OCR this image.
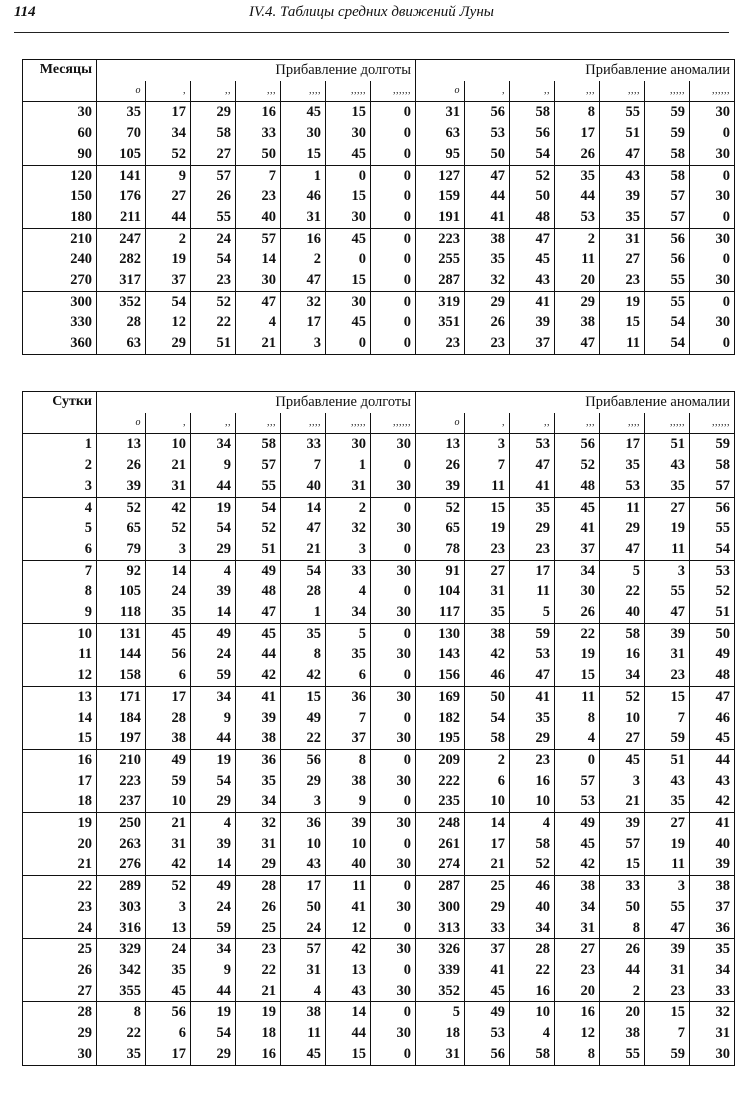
114	IV.4. Таблицы средних движений Луны
Месяцы	Прибавление долготы							Прибавление аномалии						
	o	,	,,	,,,	,,,,	,,,,,	,,,,,,	o	,	,,	,,,	,,,,	,,,,,	,,,,,,
30	35	17	29	16	45	15	0	31	56	58	8	55	59	30
60	70	34	58	33	30	30	0	63	53	56	17	51	59	0
90	105	52	27	50	15	45	0	95	50	54	26	47	58	30
120	141	9	57	7	1	0	0	127	47	52	35	43	58	0
150	176	27	26	23	46	15	0	159	44	50	44	39	57	30
180	211	44	55	40	31	30	0	191	41	48	53	35	57	0
210	247	2	24	57	16	45	0	223	38	47	2	31	56	30
240	282	19	54	14	2	0	0	255	35	45	11	27	56	0
270	317	37	23	30	47	15	0	287	32	43	20	23	55	30
300	352	54	52	47	32	30	0	319	29	41	29	19	55	0
330	28	12	22	4	17	45	0	351	26	39	38	15	54	30
360	63	29	51	21	3	0	0	23	23	37	47	11	54	0
Сутки	Прибавление долготы							Прибавление аномалии						
	o	,	,,	,,,	,,,,	,,,,,	,,,,,,	o	,	,,	,,,	,,,,	,,,,,	,,,,,,
1	13	10	34	58	33	30	30	13	3	53	56	17	51	59
2	26	21	9	57	7	1	0	26	7	47	52	35	43	58
3	39	31	44	55	40	31	30	39	11	41	48	53	35	57
4	52	42	19	54	14	2	0	52	15	35	45	11	27	56
5	65	52	54	52	47	32	30	65	19	29	41	29	19	55
6	79	3	29	51	21	3	0	78	23	23	37	47	11	54
7	92	14	4	49	54	33	30	91	27	17	34	5	3	53
8	105	24	39	48	28	4	0	104	31	11	30	22	55	52
9	118	35	14	47	1	34	30	117	35	5	26	40	47	51
10	131	45	49	45	35	5	0	130	38	59	22	58	39	50
11	144	56	24	44	8	35	30	143	42	53	19	16	31	49
12	158	6	59	42	42	6	0	156	46	47	15	34	23	48
13	171	17	34	41	15	36	30	169	50	41	11	52	15	47
14	184	28	9	39	49	7	0	182	54	35	8	10	7	46
15	197	38	44	38	22	37	30	195	58	29	4	27	59	45
16	210	49	19	36	56	8	0	209	2	23	0	45	51	44
17	223	59	54	35	29	38	30	222	6	16	57	3	43	43
18	237	10	29	34	3	9	0	235	10	10	53	21	35	42
19	250	21	4	32	36	39	30	248	14	4	49	39	27	41
20	263	31	39	31	10	10	0	261	17	58	45	57	19	40
21	276	42	14	29	43	40	30	274	21	52	42	15	11	39
22	289	52	49	28	17	11	0	287	25	46	38	33	3	38
23	303	3	24	26	50	41	30	300	29	40	34	50	55	37
24	316	13	59	25	24	12	0	313	33	34	31	8	47	36
25	329	24	34	23	57	42	30	326	37	28	27	26	39	35
26	342	35	9	22	31	13	0	339	41	22	23	44	31	34
27	355	45	44	21	4	43	30	352	45	16	20	2	23	33
28	8	56	19	19	38	14	0	5	49	10	16	20	15	32
29	22	6	54	18	11	44	30	18	53	4	12	38	7	31
30	35	17	29	16	45	15	0	31	56	58	8	55	59	30
